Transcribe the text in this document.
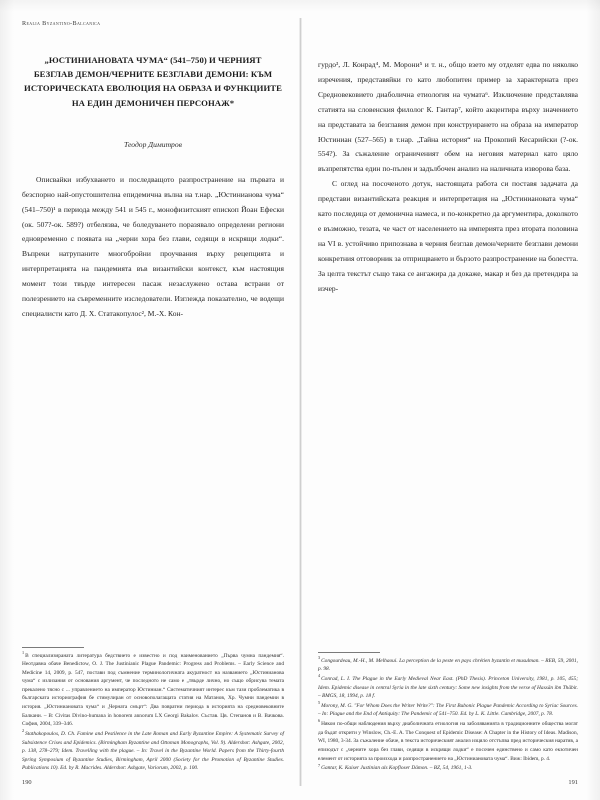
Realia Byzantino-Balcanica
„ЮСТИНИАНОВАТА ЧУМА“ (541–750) И ЧЕРНИЯТ
БЕЗГЛАВ ДЕМОН/ЧЕРНИТЕ БЕЗГЛАВИ ДЕМОНИ: КЪМ
ИСТОРИЧЕСКАТА ЕВОЛЮЦИЯ НА ОБРАЗА И ФУНКЦИИТЕ
НА ЕДИН ДЕМОНИЧЕН ПЕРСОНАЖ*
Теодор Димитров

Описвайки избухването и последващото разпространение на първата и безспорно най-опустошителна епидемична вълна на т.нар. „Юстинианова чума“ (541–750)¹ в периода между 541 и 545 г., монофизитският епископ Йоан Ефески (ок. 507?-ок. 589?) отбелязва, че боледуването поразявало определени региони едновременно с появата на „черни хора без глави, седящи в искрящи лодки“. Въпреки натрупаните многобройни проучвания върху рецепцията и интерпретацията на пандемията във византийски контекст, към настоящия момент този твърде интересен пасаж незаслужено остава встрани от полезрението на съвременните изследователи. Изглежда показателно, че водещи специалисти като Д. Х. Статакопулос², М.-Х. Кон-

$^1$В специализираната литература бедствието е известно и под наименованието „Първа чумна пандемия“. Неотдавна обаче Benedictow, O. J. The Justinianic Plague Pandemic: Progress and Problems. – Early Science and Medicine 14, 2009, p. 547, постави под съмнение терминологичната акуратност на названието „Юстинианова чума“ с излизания от основания аргумент, че последното не само е „твърде лично, но същo обрисува темата прекалено тясно с ... управлението на император Юстиниан.“ Систематичният интерес към тази проблематика в българската историография бе стимулиран от основополагащата статия на Матанов, Хр. Чумни пандемии в история. „Юстиниановата чума“ и „Черната смърт“: Два повратни периода в историята на средновековните Балкани. – В: Civitas Divino-humana in honorem annorum LX Georgi Bakalov. Състав. Цв. Степанов и В. Вачкова. София, 2004, 339–346.

$^2$Stathakopoulos, D. Ch. Famine and Pestilence in the Late Roman and Early Byzantine Empire: A Systematic Survey of Subsistence Crises and Epidemics. (Birmingham Byzantine and Ottoman Monographs, Vol. 9). Aldershot: Ashgate, 2002, p. 138, 278–279; Idem. Travelling with the plague. – In: Travel in the Byzantine World. Papers from the Thirty-fourth Spring Symposium of Byzantine Studies, Birmingham, April 2000 (Society for the Promotion of Byzantine Studies. Publications 10). Ed. by R. Macrides. Aldershot: Ashgate, Variorum, 2002, p. 100.

190

гурдо³, Л. Конрад⁴, М. Морони⁵ и т. н., общо взето му отделят едва по няколко изречения, представяйки го като любопитен пример за характерната през Средновековието диаболична етиология на чумата⁶. Изключение представлява статията на словенския филолог К. Гантар⁷, който акцентира върху значението на представата за безглавия демон при конструирането на образа на император Юстиниан (527–565) в т.нар. „Тайна история“ на Прокопий Кесарийски (?-ок. 554?). За съжаление ограниченият обем на неговия материал като цяло възпрепятства един по-пълен и задълбочен анализ на наличната изворова база.

С оглед на посоченото дотук, настоящата работа си поставя задачата да представи византийската реакция и интерпретация на „Юстиниановата чума“ като последица от демонична намеса, и по-конкретно да аргументира, доколкото е възможно, тезата, че част от населението на империята през втората половина на VI в. устойчиво припознава в черния безглав демон/черните безглави демони конкретния отговорник за отприщването и бързото разпространение на болестта. За целта текстът също така се ангажира да докаже, макар и без да претендира за изчер-

$^3$Congourdeau, M.-H., M. Melhaoui. La perception de la peste en pays chrétien byzantin et musulman. – REB, 59, 2001, p. 98.

$^4$Conrad, L. I. The Plague in the Early Medieval Near East. (PhD Thesis). Princeton University, 1981, p. 105, 455; Idem. Epidemic disease in central Syria in the late sixth century: Some new insights from the verse of Hassān ibn Thābit. – BMGS, 18, 1994, p. 18 f.

$^5$Morony, M. G. "For Whom Does the Writer Write?": The First Bubonic Plague Pandemic According to Syriac Sources. – In: Plague and the End of Antiquity: The Pandemic of 541–750. Ed. by L. K. Little. Cambridge, 2007, p. 78.

$^6$Някои по-общи наблюдения върху диаболичната етиология на заболяванията в традиционните общества могат да бъдат открити у Winslow, Ch.-E. A. The Conquest of Epidemic Disease: A Chapter in the History of Ideas. Madison, WI, 1980, 3-34. За съжаление обаче, в текста историческият анализ изцяло отстъпва пред историческия наратив, а епизодът с „черните хора без глави, седящи в искрящи лодки“ е посочен единствено и само като екзотичен елемент от историята за произхода и разпространението на „Юстиниановата чума“. Виж: Ibidem, p. 4.

$^7$Gantar, K. Kaiser Justinian als Kopfloser Dämon. – BZ, 54, 1961, 1-3.

191
